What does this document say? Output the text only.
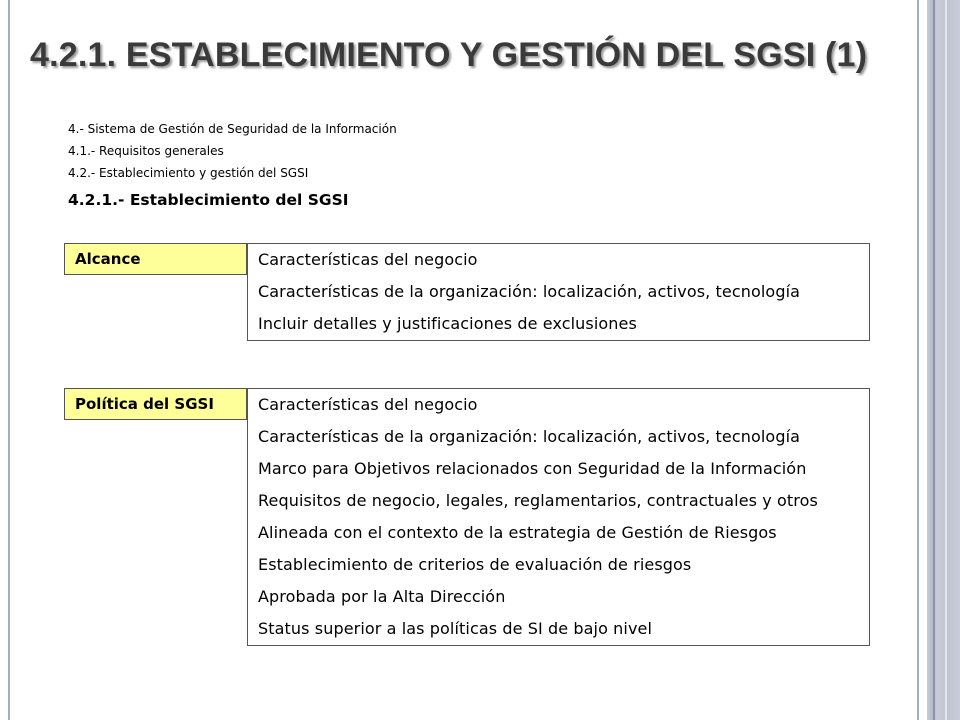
4.2.1. ESTABLECIMIENTO Y GESTIÓN DEL SGSI (1)
4.- Sistema de Gestión de Seguridad de la Información
4.1.- Requisitos generales
4.2.- Establecimiento y gestión del SGSI
4.2.1.- Establecimiento del SGSI
Alcance	Características del negocio
Características de la organización: localización, activos, tecnología
Incluir detalles y justificaciones de exclusiones
Política del SGSI	Características del negocio
Características de la organización: localización, activos, tecnología
Marco para Objetivos relacionados con Seguridad de la Información
Requisitos de negocio, legales, reglamentarios, contractuales y otros
Alineada con el contexto de la estrategia de Gestión de Riesgos
Establecimiento de criterios de evaluación de riesgos
Aprobada por la Alta Dirección
Status superior a las políticas de SI de bajo nivel
